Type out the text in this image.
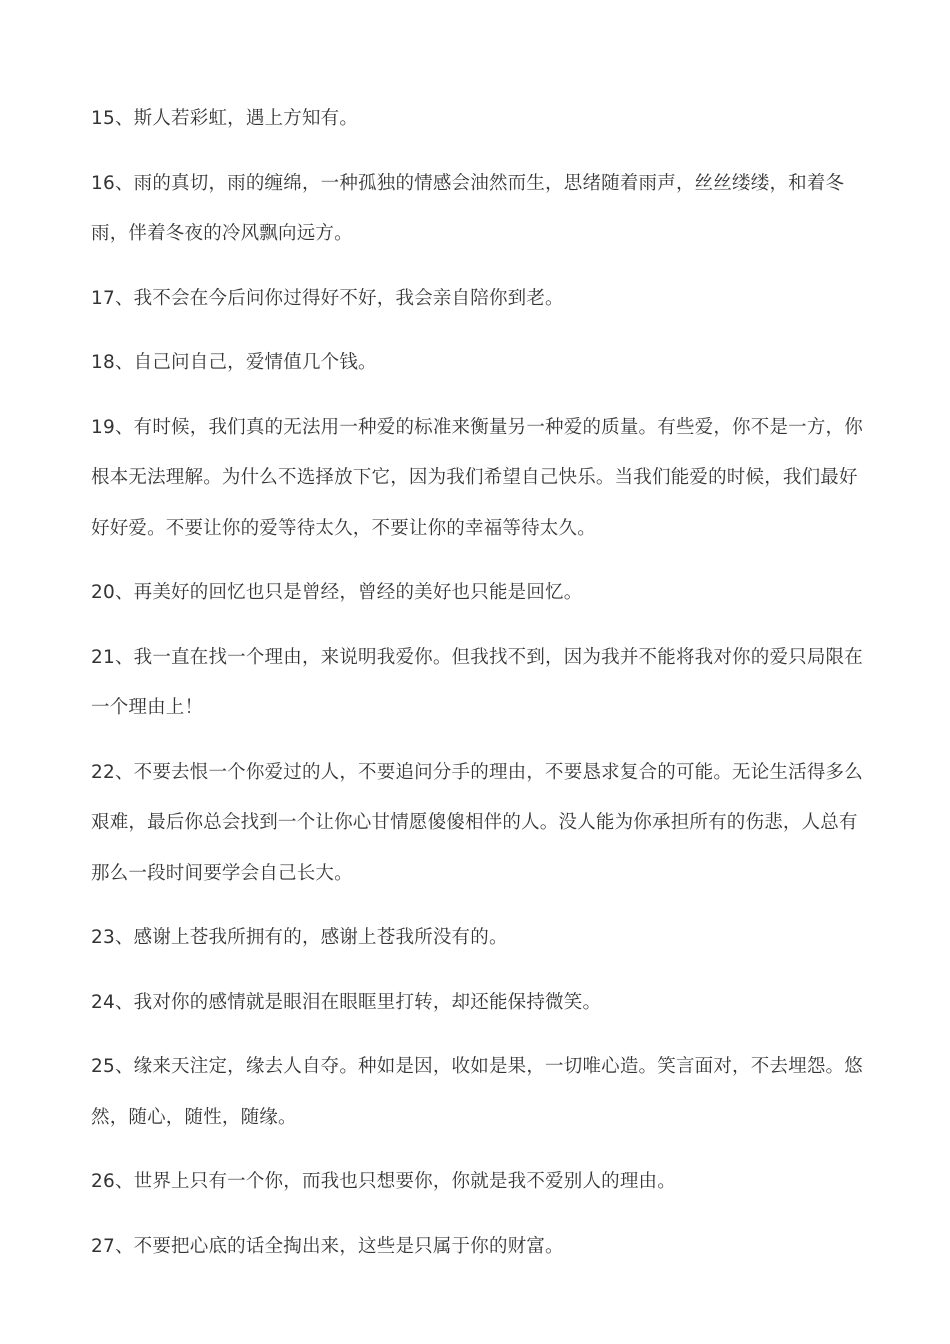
15、斯人若彩虹，遇上方知有。

16、雨的真切，雨的缠绵，一种孤独的情感会油然而生，思绪随着雨声，丝丝缕缕，和着冬雨，伴着冬夜的冷风飘向远方。

17、我不会在今后问你过得好不好，我会亲自陪你到老。

18、自己问自己，爱情值几个钱。

19、有时候，我们真的无法用一种爱的标准来衡量另一种爱的质量。有些爱，你不是一方，你根本无法理解。为什么不选择放下它，因为我们希望自己快乐。当我们能爱的时候，我们最好好好爱。不要让你的爱等待太久，不要让你的幸福等待太久。

20、再美好的回忆也只是曾经，曾经的美好也只能是回忆。

21、我一直在找一个理由，来说明我爱你。但我找不到，因为我并不能将我对你的爱只局限在一个理由上！

22、不要去恨一个你爱过的人，不要追问分手的理由，不要恳求复合的可能。无论生活得多么艰难，最后你总会找到一个让你心甘情愿傻傻相伴的人。没人能为你承担所有的伤悲，人总有那么一段时间要学会自己长大。

23、感谢上苍我所拥有的，感谢上苍我所没有的。

24、我对你的感情就是眼泪在眼眶里打转，却还能保持微笑。

25、缘来天注定，缘去人自夺。种如是因，收如是果，一切唯心造。笑言面对，不去埋怨。悠然，随心，随性，随缘。

26、世界上只有一个你，而我也只想要你，你就是我不爱别人的理由。

27、不要把心底的话全掏出来，这些是只属于你的财富。
